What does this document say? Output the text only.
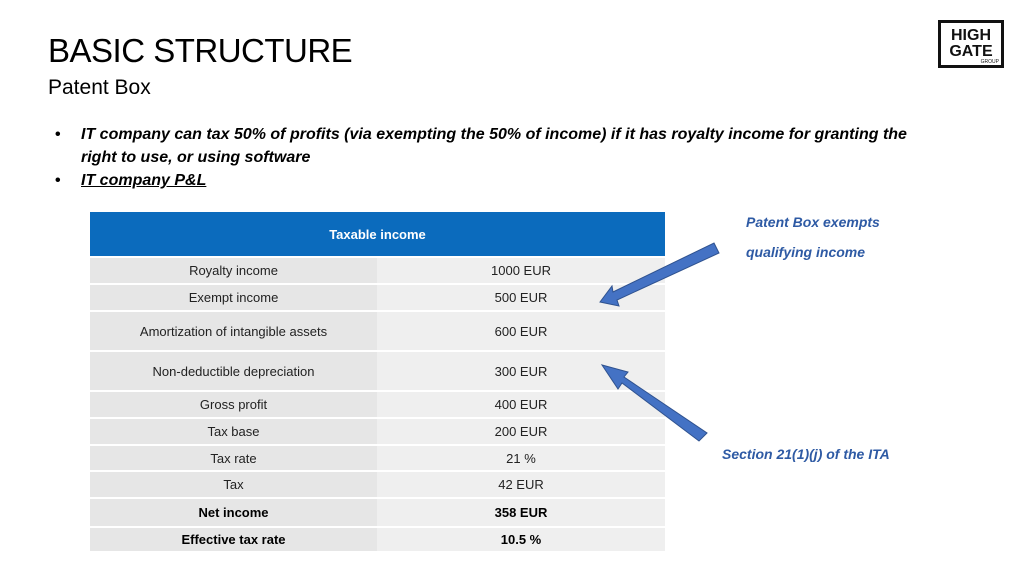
BASIC STRUCTURE
Patent Box
HIGH
GATE
GROUP
• IT company can tax 50% of profits (via exempting the 50% of income) if it has royalty income for granting the right to use, or using software
• IT company P&L
Taxable income	
Royalty income	1000 EUR
Exempt income	500 EUR
Amortization of intangible assets	600 EUR
Non-deductible depreciation	300 EUR
Gross profit	400 EUR
Tax base	200 EUR
Tax rate	21 %
Tax	42 EUR
Net income	358 EUR
Effective tax rate	10.5 %
Patent Box exempts
qualifying income
Section 21(1)(j) of the ITA
